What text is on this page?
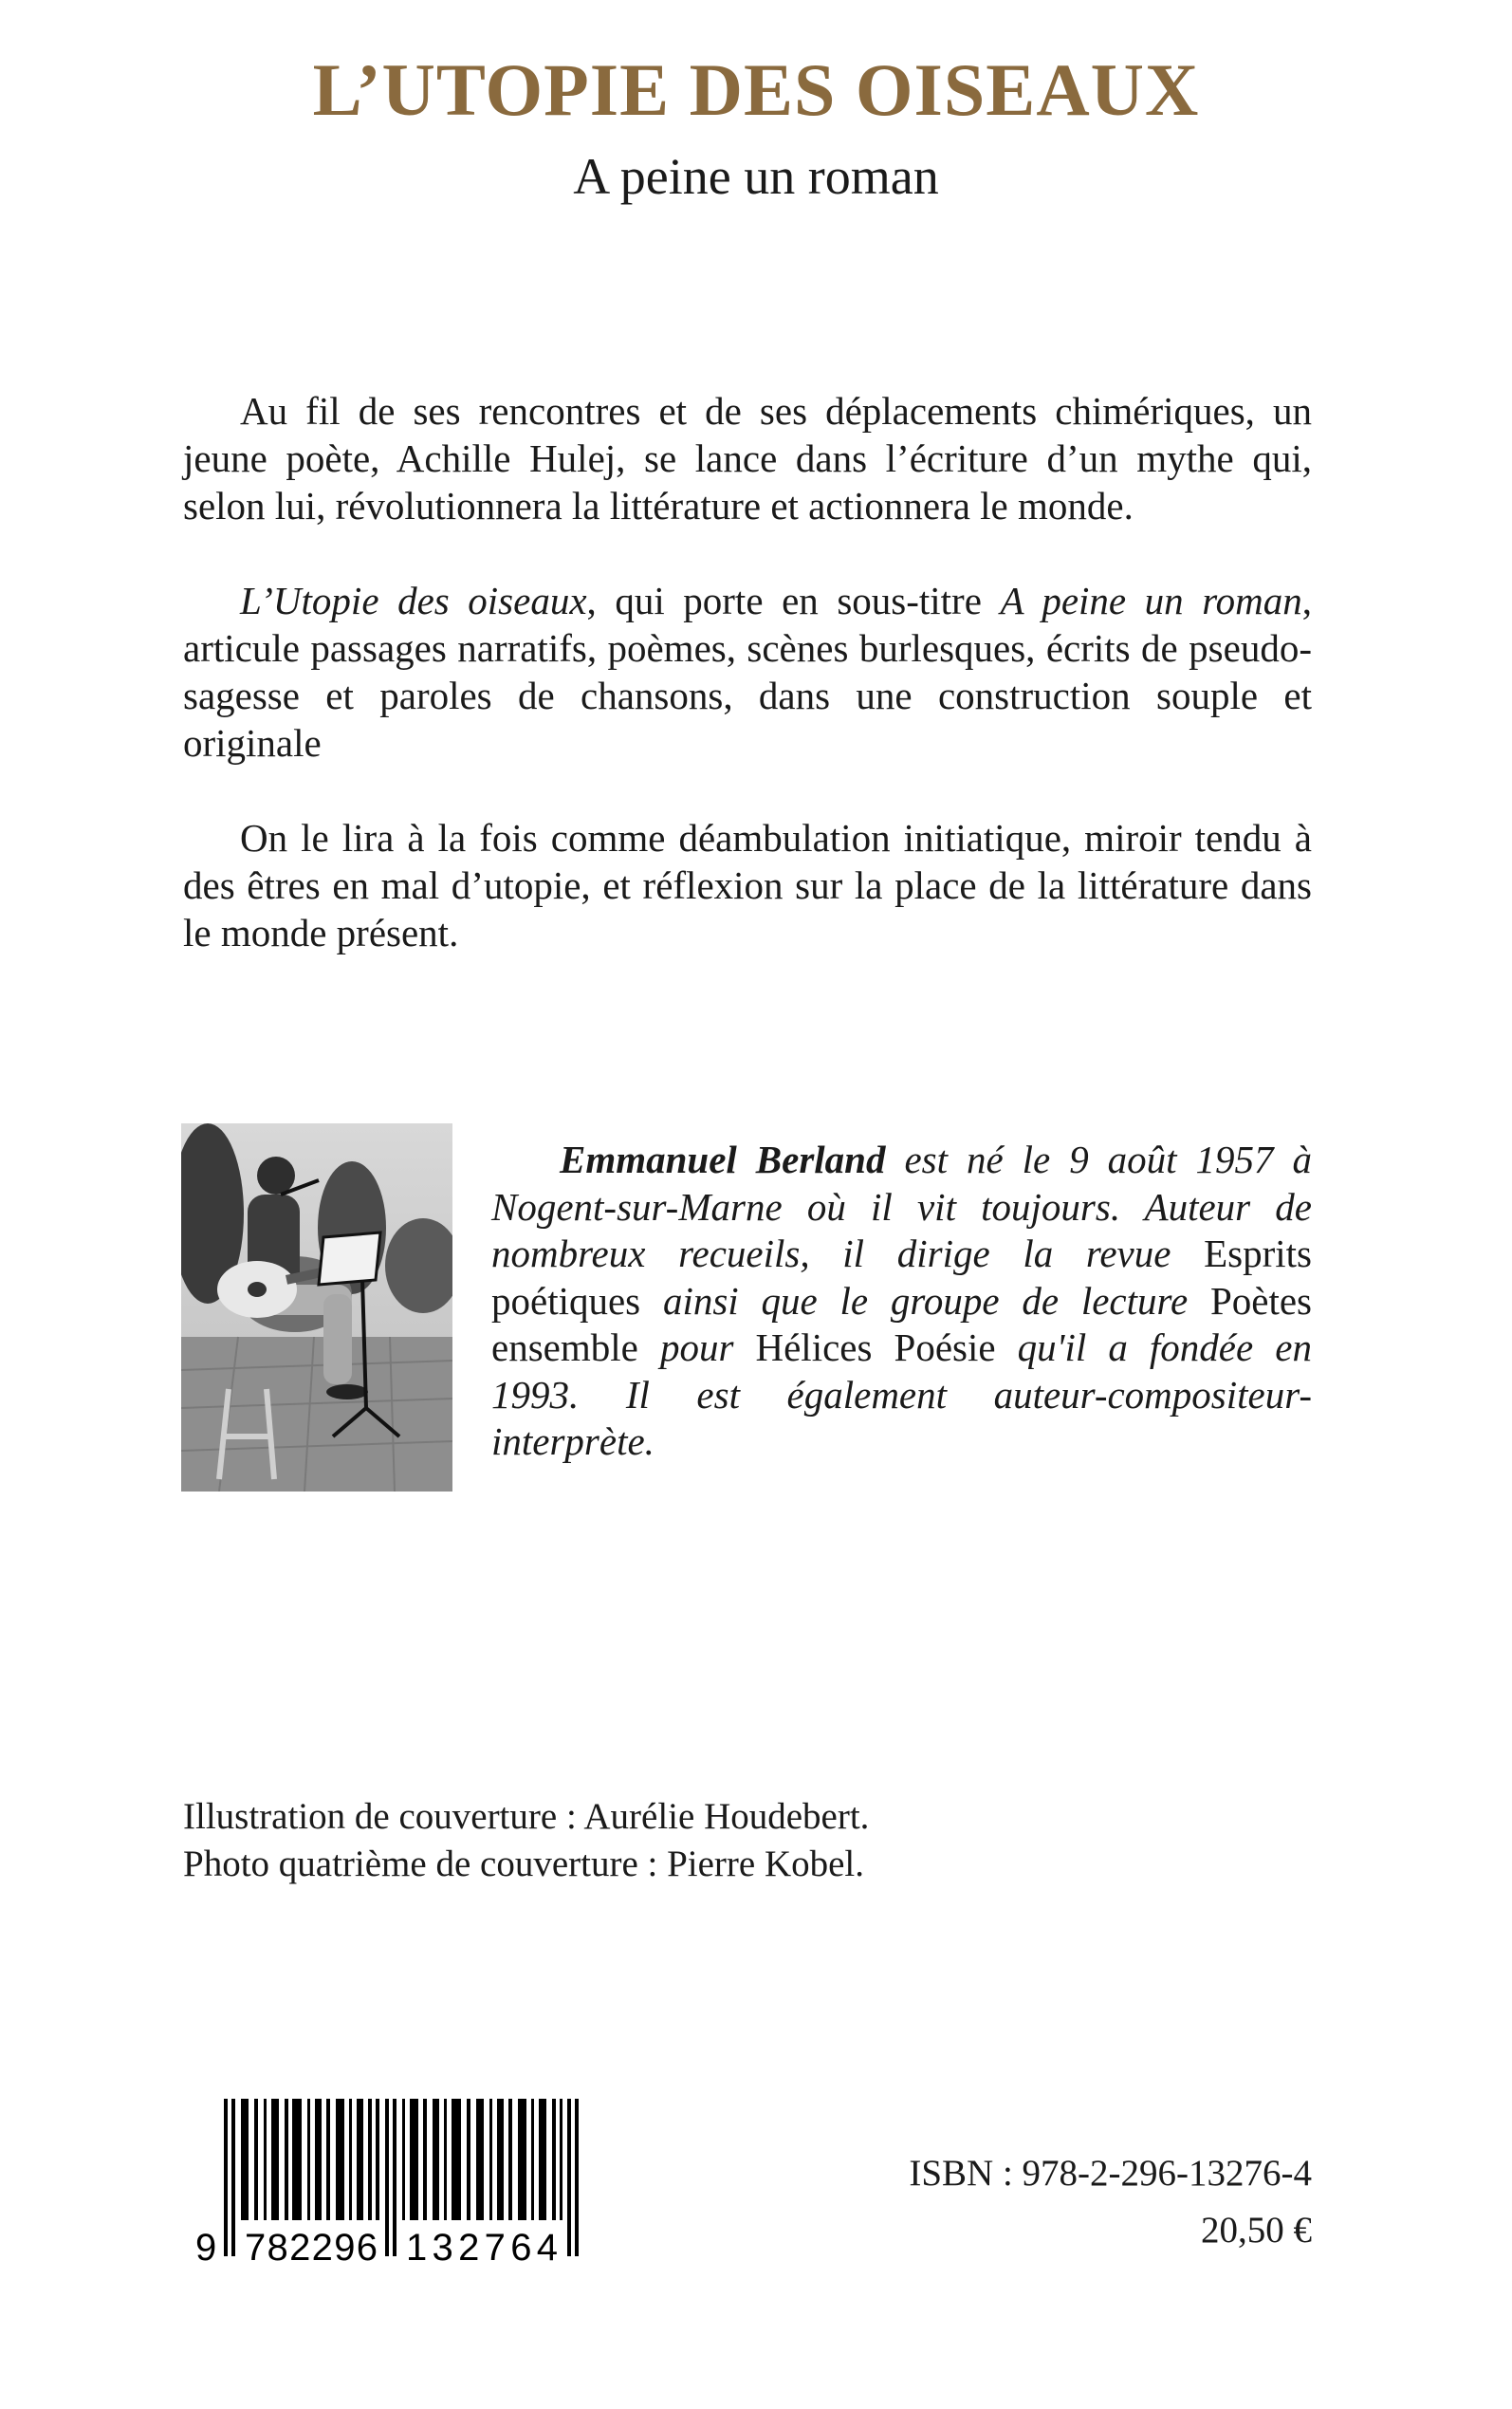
L’UTOPIE DES OISEAUX
A peine un roman

Au fil de ses rencontres et de ses déplacements chimériques, un jeune poète, Achille Hulej, se lance dans l’écriture d’un mythe qui, selon lui, révolutionnera la littérature et actionnera le monde.

L’Utopie des oiseaux, qui porte en sous-titre A peine un roman, articule passages narratifs, poèmes, scènes burlesques, écrits de pseudo-sagesse et paroles de chansons, dans une construction souple et originale

On le lira à la fois comme déambulation initiatique, miroir tendu à des êtres en mal d’utopie, et réflexion sur la place de la littérature dans le monde présent.

Emmanuel Berland est né le 9 août 1957 à Nogent-sur-Marne où il vit toujours. Auteur de nombreux recueils, il dirige la revue Esprits poétiques ainsi que le groupe de lecture Poètes ensemble pour Hélices Poésie qu'il a fondée en 1993. Il est également auteur-compositeur-interprète.

Illustration de couverture : Aurélie Houdebert.
Photo quatrième de couverture : Pierre Kobel.
9 782296 132764
ISBN : 978-2-296-13276-4
20,50 €
